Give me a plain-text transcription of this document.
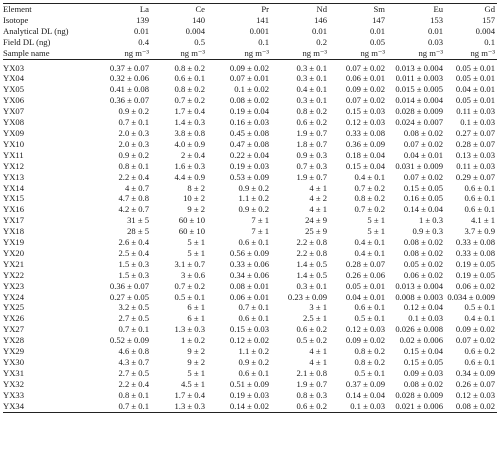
Element	La	Ce	Pr	Nd	Sm	Eu	Gd
Isotope	139	140	141	146	147	153	157
Analytical DL (ng)	0.01	0.004	0.001	0.01	0.01	0.01	0.004
Field DL (ng)	0.4	0.5	0.1	0.2	0.05	0.03	0.1
Sample name	ng m⁻³	ng m⁻³	ng m⁻³	ng m⁻³	ng m⁻³	ng m⁻³	ng m⁻³

YX03	0.37 ± 0.07	0.8 ± 0.2	0.09 ± 0.02	0.3 ± 0.1	0.07 ± 0.02	0.013 ± 0.004	0.05 ± 0.01
YX04	0.32 ± 0.06	0.6 ± 0.1	0.07 ± 0.01	0.3 ± 0.1	0.06 ± 0.01	0.011 ± 0.003	0.05 ± 0.01
YX05	0.41 ± 0.08	0.8 ± 0.2	0.1 ± 0.02	0.4 ± 0.1	0.09 ± 0.02	0.015 ± 0.005	0.04 ± 0.01
YX06	0.36 ± 0.07	0.7 ± 0.2	0.08 ± 0.02	0.3 ± 0.1	0.07 ± 0.02	0.014 ± 0.004	0.05 ± 0.01
YX07	0.9 ± 0.2	1.7 ± 0.4	0.19 ± 0.04	0.8 ± 0.2	0.15 ± 0.03	0.028 ± 0.009	0.11 ± 0.03
YX08	0.7 ± 0.1	1.4 ± 0.3	0.16 ± 0.03	0.6 ± 0.2	0.12 ± 0.03	0.024 ± 0.007	0.1 ± 0.03
YX09	2.0 ± 0.3	3.8 ± 0.8	0.45 ± 0.08	1.9 ± 0.7	0.33 ± 0.08	0.08 ± 0.02	0.27 ± 0.07
YX10	2.0 ± 0.3	4.0 ± 0.9	0.47 ± 0.08	1.8 ± 0.7	0.36 ± 0.09	0.07 ± 0.02	0.28 ± 0.07
YX11	0.9 ± 0.2	2 ± 0.4	0.22 ± 0.04	0.9 ± 0.3	0.18 ± 0.04	0.04 ± 0.01	0.13 ± 0.03
YX12	0.8 ± 0.1	1.6 ± 0.3	0.19 ± 0.03	0.7 ± 0.3	0.15 ± 0.04	0.031 ± 0.009	0.11 ± 0.03
YX13	2.2 ± 0.4	4.4 ± 0.9	0.53 ± 0.09	1.9 ± 0.7	0.4 ± 0.1	0.07 ± 0.02	0.29 ± 0.07
YX14	4 ± 0.7	8 ± 2	0.9 ± 0.2	4 ± 1	0.7 ± 0.2	0.15 ± 0.05	0.6 ± 0.1
YX15	4.7 ± 0.8	10 ± 2	1.1 ± 0.2	4 ± 2	0.8 ± 0.2	0.16 ± 0.05	0.6 ± 0.1
YX16	4.2 ± 0.7	9 ± 2	0.9 ± 0.2	4 ± 1	0.7 ± 0.2	0.14 ± 0.04	0.6 ± 0.1
YX17	31 ± 5	60 ± 10	7 ± 1	24 ± 9	5 ± 1	1 ± 0.3	4.1 ± 1
YX18	28 ± 5	60 ± 10	7 ± 1	25 ± 9	5 ± 1	0.9 ± 0.3	3.7 ± 0.9
YX19	2.6 ± 0.4	5 ± 1	0.6 ± 0.1	2.2 ± 0.8	0.4 ± 0.1	0.08 ± 0.02	0.33 ± 0.08
YX20	2.5 ± 0.4	5 ± 1	0.56 ± 0.09	2.2 ± 0.8	0.4 ± 0.1	0.08 ± 0.02	0.33 ± 0.08
YX21	1.5 ± 0.3	3.1 ± 0.7	0.33 ± 0.06	1.4 ± 0.5	0.28 ± 0.07	0.05 ± 0.02	0.19 ± 0.05
YX22	1.5 ± 0.3	3 ± 0.6	0.34 ± 0.06	1.4 ± 0.5	0.26 ± 0.06	0.06 ± 0.02	0.19 ± 0.05
YX23	0.36 ± 0.07	0.7 ± 0.2	0.08 ± 0.01	0.3 ± 0.1	0.05 ± 0.01	0.013 ± 0.004	0.06 ± 0.02
YX24	0.27 ± 0.05	0.5 ± 0.1	0.06 ± 0.01	0.23 ± 0.09	0.04 ± 0.01	0.008 ± 0.003	0.034 ± 0.009
YX25	3.2 ± 0.5	6 ± 1	0.7 ± 0.1	3 ± 1	0.6 ± 0.1	0.12 ± 0.04	0.5 ± 0.1
YX26	2.7 ± 0.5	6 ± 1	0.6 ± 0.1	2.5 ± 1	0.5 ± 0.1	0.1 ± 0.03	0.4 ± 0.1
YX27	0.7 ± 0.1	1.3 ± 0.3	0.15 ± 0.03	0.6 ± 0.2	0.12 ± 0.03	0.026 ± 0.008	0.09 ± 0.02
YX28	0.52 ± 0.09	1 ± 0.2	0.12 ± 0.02	0.5 ± 0.2	0.09 ± 0.02	0.02 ± 0.006	0.07 ± 0.02
YX29	4.6 ± 0.8	9 ± 2	1.1 ± 0.2	4 ± 1	0.8 ± 0.2	0.15 ± 0.04	0.6 ± 0.2
YX30	4.3 ± 0.7	9 ± 2	0.9 ± 0.2	4 ± 1	0.8 ± 0.2	0.15 ± 0.05	0.6 ± 0.1
YX31	2.7 ± 0.5	5 ± 1	0.6 ± 0.1	2.1 ± 0.8	0.5 ± 0.1	0.09 ± 0.03	0.34 ± 0.09
YX32	2.2 ± 0.4	4.5 ± 1	0.51 ± 0.09	1.9 ± 0.7	0.37 ± 0.09	0.08 ± 0.02	0.26 ± 0.07
YX33	0.8 ± 0.1	1.7 ± 0.4	0.19 ± 0.03	0.8 ± 0.3	0.14 ± 0.04	0.028 ± 0.009	0.12 ± 0.03
YX34	0.7 ± 0.1	1.3 ± 0.3	0.14 ± 0.02	0.6 ± 0.2	0.1 ± 0.03	0.021 ± 0.006	0.08 ± 0.02
